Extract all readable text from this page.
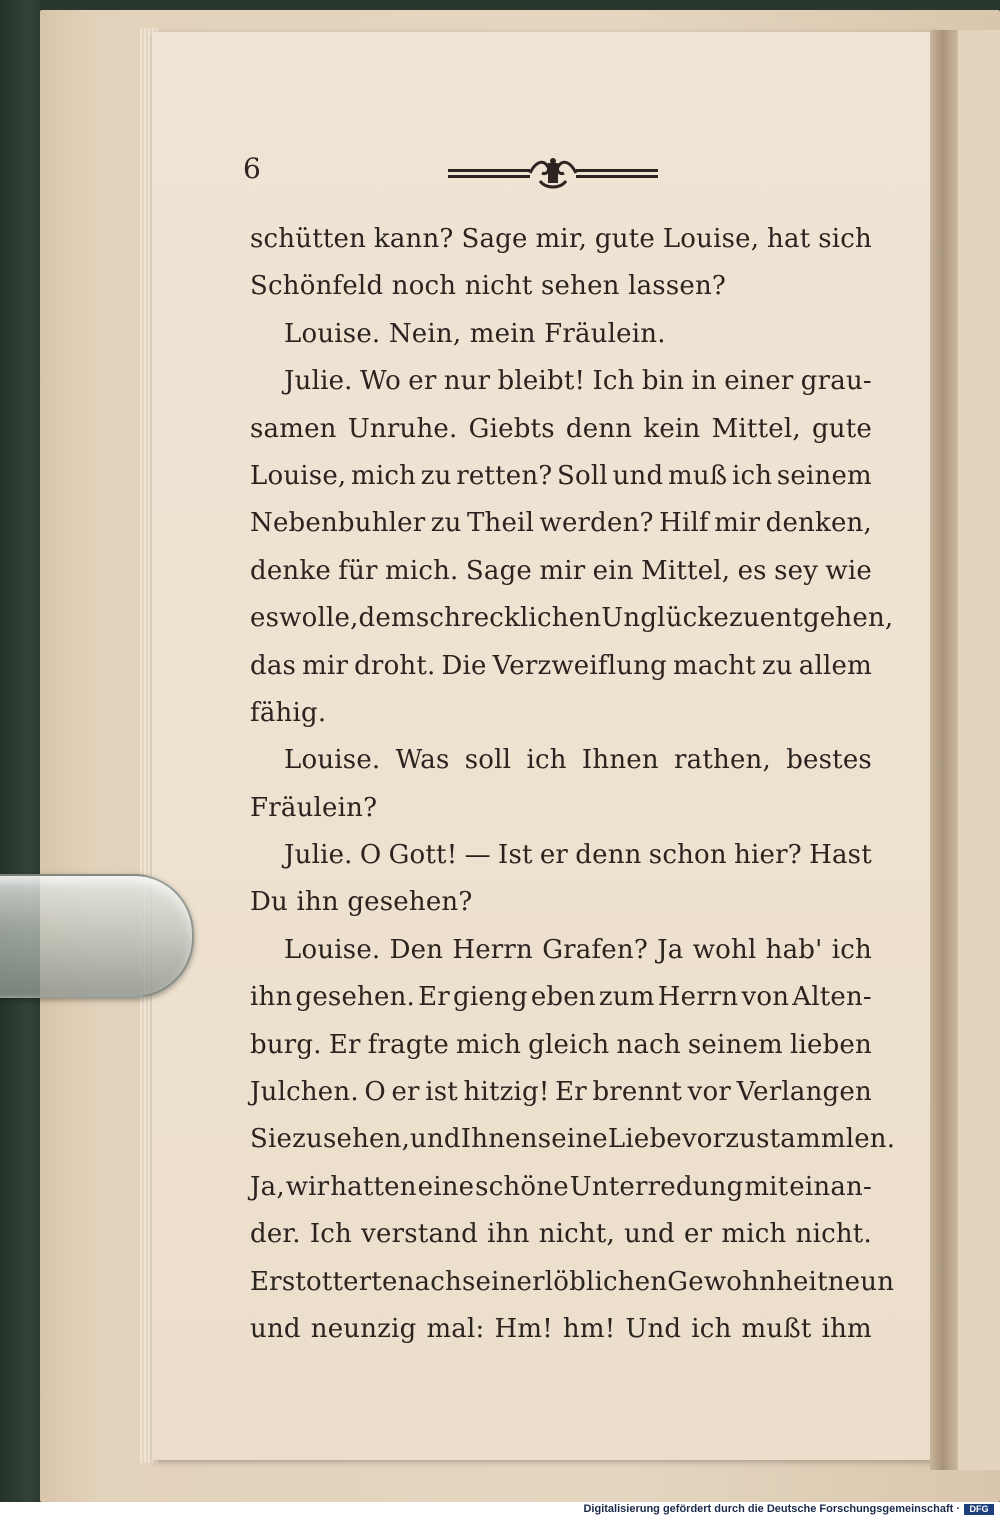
6
schütten kann? Sage mir, gute Louise, hat sich
Schönfeld noch nicht sehen lassen?
Louise. Nein, mein Fräulein.
Julie. Wo er nur bleibt! Ich bin in einer grau-
samen Unruhe. Giebts denn kein Mittel, gute
Louise, mich zu retten? Soll und muß ich seinem
Nebenbuhler zu Theil werden? Hilf mir denken,
denke für mich. Sage mir ein Mittel, es sey wie
es wolle, dem schrecklichen Unglücke zu entgehen,
das mir droht. Die Verzweiflung macht zu allem
fähig.
Louise. Was soll ich Ihnen rathen, bestes
Fräulein?
Julie. O Gott! — Ist er denn schon hier? Hast
Du ihn gesehen?
Louise. Den Herrn Grafen? Ja wohl hab' ich
ihn gesehen. Er gieng eben zum Herrn von Alten-
burg. Er fragte mich gleich nach seinem lieben
Julchen. O er ist hitzig! Er brennt vor Verlangen
Sie zu sehen, und Ihnen seine Liebe vorzustammlen.
Ja, wir hatten eine schöne Unterredung mit einan-
der. Ich verstand ihn nicht, und er mich nicht.
Er stotterte nach seiner löblichen Gewohnheit neun
und neunzig mal: Hm! hm! Und ich mußt ihm
Digitalisierung gefördert durch die Deutsche Forschungsgemeinschaft ·	DFG
